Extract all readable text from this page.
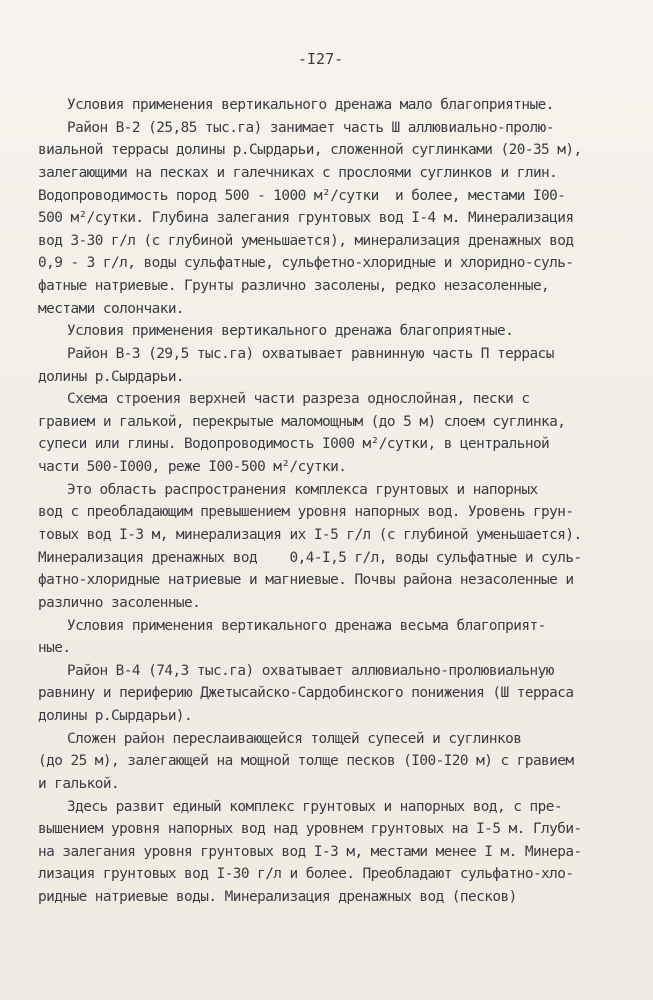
-I27-
Условия применения вертикального дренажа мало благоприятные.
Район В-2 (25,85 тыс.га) занимает часть Ш аллювиально-пролю-
виальной террасы долины р.Сырдарьи, сложенной суглинками (20-35 м),
залегающими на песках и галечниках с прослоями суглинков и глин.
Водопроводимость пород 500 - 1000 м²/сутки  и более, местами I00-
500 м²/сутки. Глубина залегания грунтовых вод I-4 м. Минерализация
вод 3-30 г/л (с глубиной уменьшается), минерализация дренажных вод
0,9 - 3 г/л, воды сульфатные, сульфетно-хлоридные и хлоридно-суль-
фатные натриевые. Грунты различно засолены, редко незасоленные,
местами солончаки.
Условия применения вертикального дренажа благоприятные.
Район В-3 (29,5 тыс.га) охватывает равнинную часть П террасы
долины р.Сырдарьи.
Схема строения верхней части разреза однослойная, пески с
гравием и галькой, перекрытые маломощным (до 5 м) слоем суглинка,
супеси или глины. Водопроводимость I000 м²/сутки, в центральной
части 500-I000, реже I00-500 м²/сутки.
Это область распространения комплекса грунтовых и напорных
вод с преобладающим превышением уровня напорных вод. Уровень грун-
товых вод I-3 м, минерализация их I-5 г/л (с глубиной уменьшается).
Минерализация дренажных вод    0,4-I,5 г/л, воды сульфатные и суль-
фатно-хлоридные натриевые и магниевые. Почвы района незасоленные и
различно засоленные.
Условия применения вертикального дренажа весьма благоприят-
ные.
Район В-4 (74,3 тыс.га) охватывает аллювиально-пролювиальную
равнину и периферию Джетысайско-Сардобинского понижения (Ш терраса
долины р.Сырдарьи).
Сложен район переслаивающейся толщей супесей и суглинков
(до 25 м), залегающей на мощной толще песков (I00-I20 м) с гравием
и галькой.
Здесь развит единый комплекс грунтовых и напорных вод, с пре-
вышением уровня напорных вод над уровнем грунтовых на I-5 м. Глуби-
на залегания уровня грунтовых вод I-3 м, местами менее I м. Минера-
лизация грунтовых вод I-30 г/л и более. Преобладают сульфатно-хло-
ридные натриевые воды. Минерализация дренажных вод (песков)
